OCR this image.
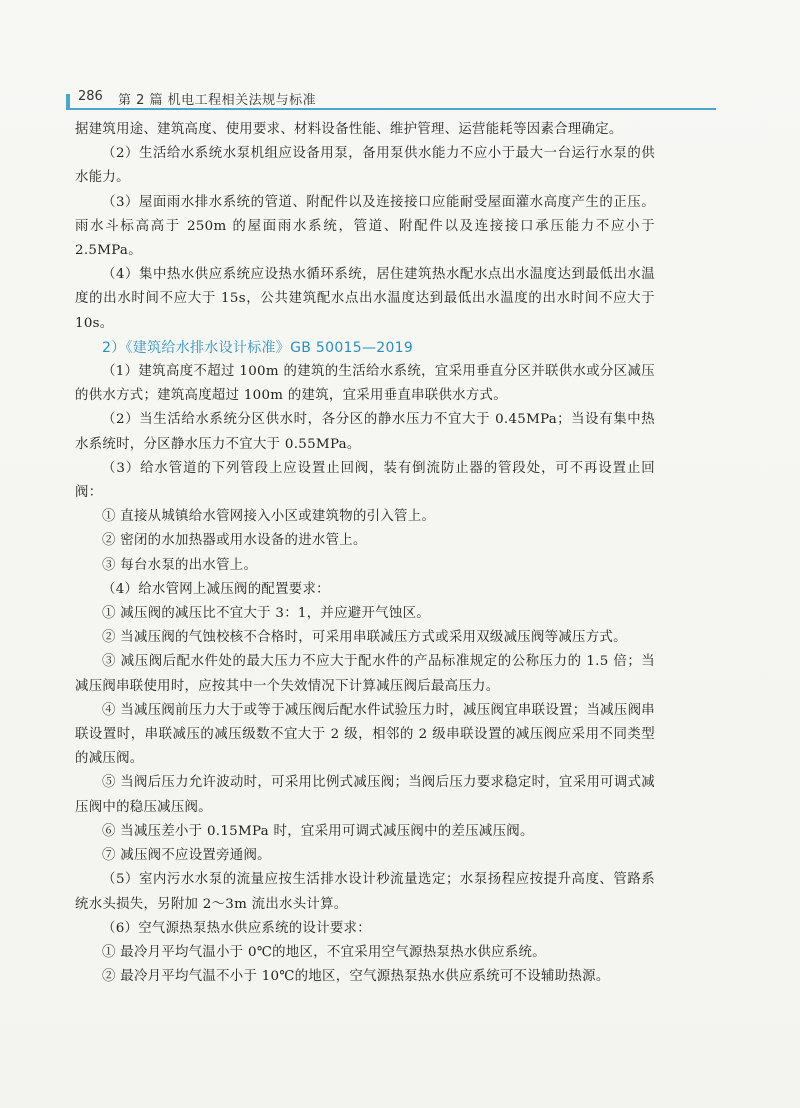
286 第 2 篇 机电工程相关法规与标准

据建筑用途、建筑高度、使用要求、材料设备性能、维护管理、运营能耗等因素合理确定。

（2）生活给水系统水泵机组应设备用泵，备用泵供水能力不应小于最大一台运行水泵的供水能力。

（3）屋面雨水排水系统的管道、附配件以及连接接口应能耐受屋面灌水高度产生的正压。雨水斗标高高于 250m 的屋面雨水系统，管道、附配件以及连接接口承压能力不应小于 2.5MPa。

（4）集中热水供应系统应设热水循环系统，居住建筑热水配水点出水温度达到最低出水温度的出水时间不应大于 15s，公共建筑配水点出水温度达到最低出水温度的出水时间不应大于 10s。

2）《建筑给水排水设计标准》GB 50015—2019

（1）建筑高度不超过 100m 的建筑的生活给水系统，宜采用垂直分区并联供水或分区减压的供水方式；建筑高度超过 100m 的建筑，宜采用垂直串联供水方式。

（2）当生活给水系统分区供水时，各分区的静水压力不宜大于 0.45MPa；当设有集中热水系统时，分区静水压力不宜大于 0.55MPa。

（3）给水管道的下列管段上应设置止回阀，装有倒流防止器的管段处，可不再设置止回阀：

① 直接从城镇给水管网接入小区或建筑物的引入管上。

② 密闭的水加热器或用水设备的进水管上。

③ 每台水泵的出水管上。

（4）给水管网上减压阀的配置要求：

① 减压阀的减压比不宜大于 3：1，并应避开气蚀区。

② 当减压阀的气蚀校核不合格时，可采用串联减压方式或采用双级减压阀等减压方式。

③ 减压阀后配水件处的最大压力不应大于配水件的产品标准规定的公称压力的 1.5 倍；当减压阀串联使用时，应按其中一个失效情况下计算减压阀后最高压力。

④ 当减压阀前压力大于或等于减压阀后配水件试验压力时，减压阀宜串联设置；当减压阀串联设置时，串联减压的减压级数不宜大于 2 级，相邻的 2 级串联设置的减压阀应采用不同类型的减压阀。

⑤ 当阀后压力允许波动时，可采用比例式减压阀；当阀后压力要求稳定时，宜采用可调式减压阀中的稳压减压阀。

⑥ 当减压差小于 0.15MPa 时，宜采用可调式减压阀中的差压减压阀。

⑦ 减压阀不应设置旁通阀。

（5）室内污水水泵的流量应按生活排水设计秒流量选定；水泵扬程应按提升高度、管路系统水头损失，另附加 2～3m 流出水头计算。

（6）空气源热泵热水供应系统的设计要求：

① 最冷月平均气温小于 0℃的地区，不宜采用空气源热泵热水供应系统。

② 最冷月平均气温不小于 10℃的地区，空气源热泵热水供应系统可不设辅助热源。
